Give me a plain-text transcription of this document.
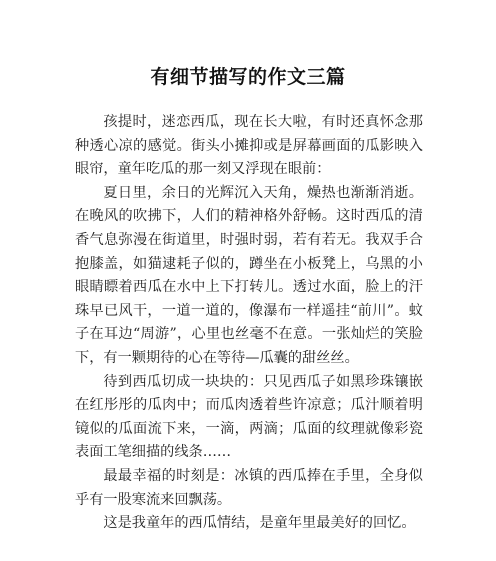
有细节描写的作文三篇

孩提时，迷恋西瓜，现在长大啦，有时还真怀念那种透心凉的感觉。街头小摊抑或是屏幕画面的瓜影映入眼帘，童年吃瓜的那一刻又浮现在眼前：

夏日里，余日的光辉沉入天角，燥热也渐渐消逝。在晚风的吹拂下，人们的精神格外舒畅。这时西瓜的清香气息弥漫在街道里，时强时弱，若有若无。我双手合抱膝盖，如猫逮耗子似的，蹲坐在小板凳上，乌黑的小眼睛瞟着西瓜在水中上下打转儿。透过水面，脸上的汗珠早已风干，一道一道的，像瀑布一样遥挂“前川”。蚊子在耳边“周游”，心里也丝毫不在意。一张灿烂的笑脸下，有一颗期待的心在等待—瓜囊的甜丝丝。

待到西瓜切成一块块的：只见西瓜子如黑珍珠镶嵌在红彤彤的瓜肉中；而瓜肉透着些许凉意；瓜汁顺着明镜似的瓜面流下来，一滴，两滴；瓜面的纹理就像彩瓷表面工笔细描的线条……

最最幸福的时刻是：冰镇的西瓜捧在手里，全身似乎有一股寒流来回飘荡。

这是我童年的西瓜情结，是童年里最美好的回忆。
